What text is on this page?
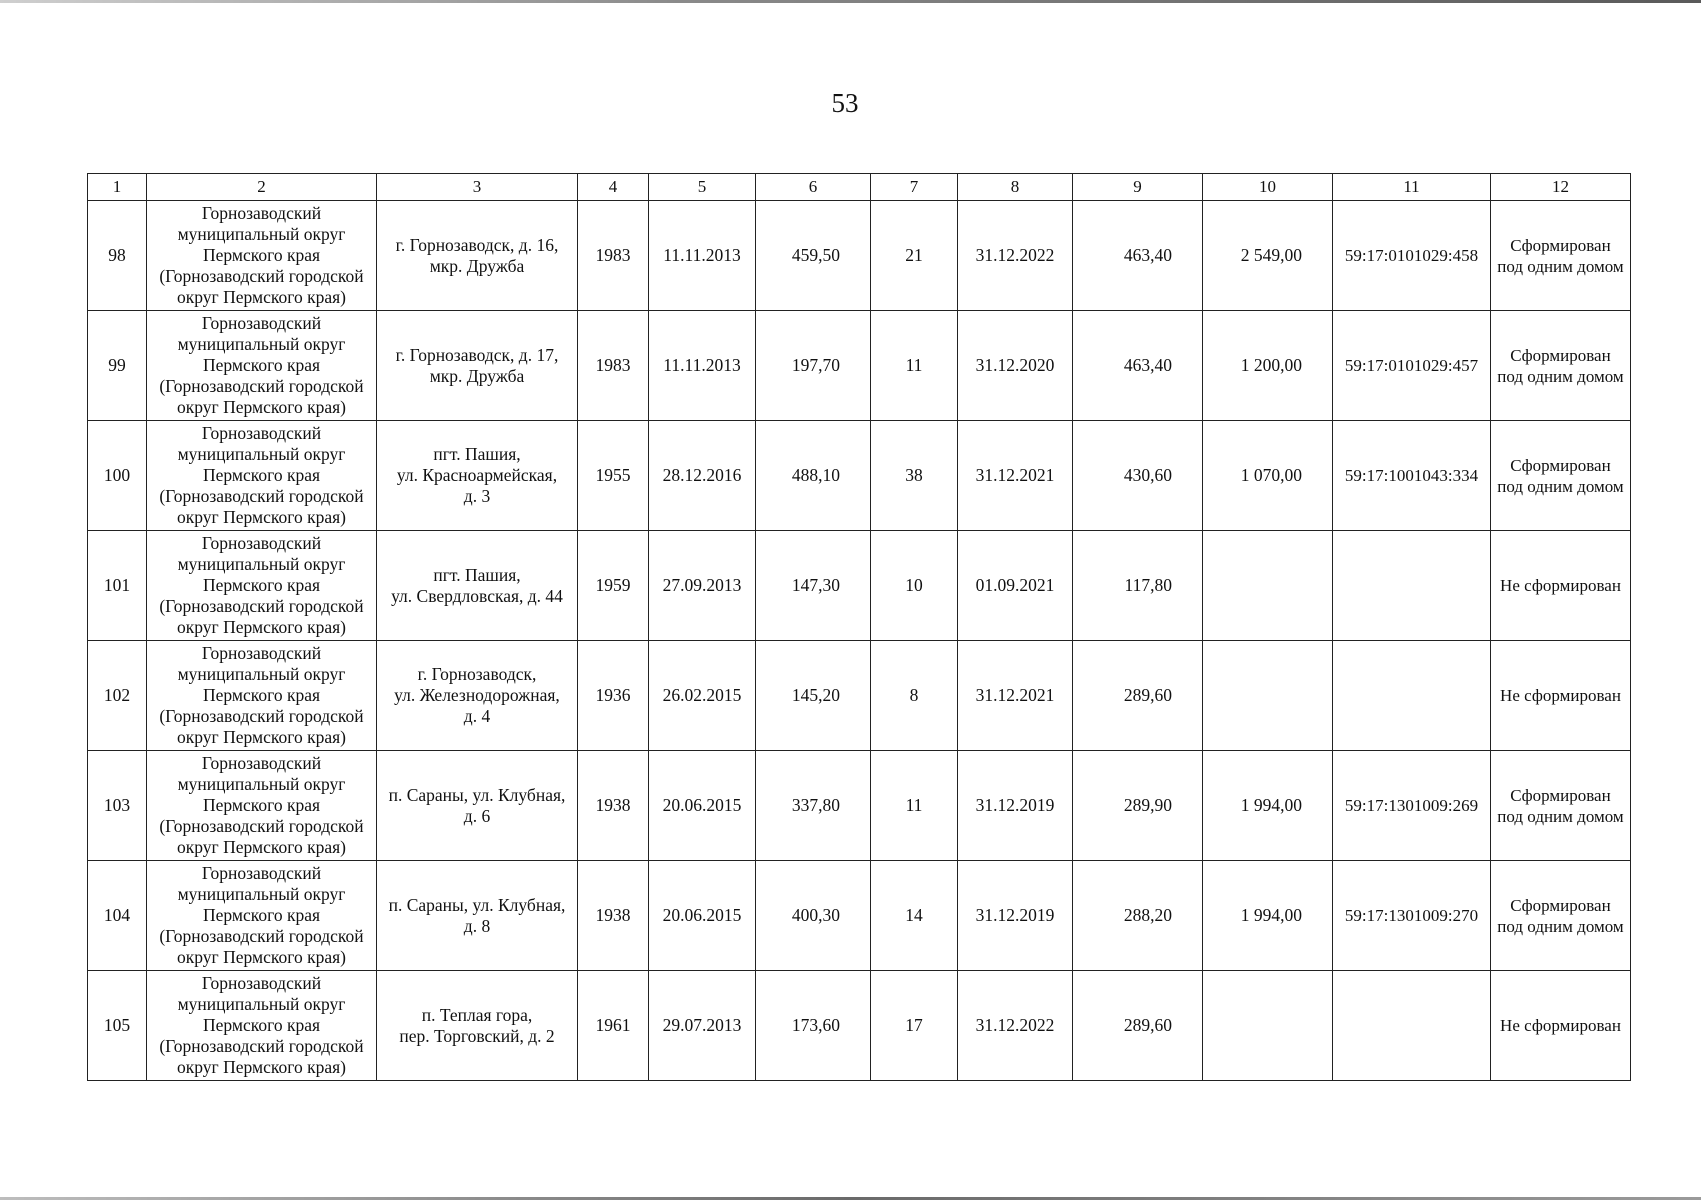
53
1	2	3	4	5	6	7	8	9	10	11	12
98	Горнозаводский
муниципальный округ
Пермского края
(Горнозаводский городской
округ Пермского края)	г. Горнозаводск, д. 16,
мкр. Дружба	1983	11.11.2013	459,50	21	31.12.2022	463,40	2 549,00	59:17:0101029:458	Сформирован
под одним домом

99	Горнозаводский
муниципальный округ
Пермского края
(Горнозаводский городской
округ Пермского края)	г. Горнозаводск, д. 17,
мкр. Дружба	1983	11.11.2013	197,70	11	31.12.2020	463,40	1 200,00	59:17:0101029:457	Сформирован
под одним домом

100	Горнозаводский
муниципальный округ
Пермского края
(Горнозаводский городской
округ Пермского края)	пгт. Пашия,
ул. Красноармейская,
д. 3	1955	28.12.2016	488,10	38	31.12.2021	430,60	1 070,00	59:17:1001043:334	Сформирован
под одним домом

101	Горнозаводский
муниципальный округ
Пермского края
(Горнозаводский городской
округ Пермского края)	пгт. Пашия,
ул. Свердловская, д. 44	1959	27.09.2013	147,30	10	01.09.2021	117,80			Не сформирован

102	Горнозаводский
муниципальный округ
Пермского края
(Горнозаводский городской
округ Пермского края)	г. Горнозаводск,
ул. Железнодорожная,
д. 4	1936	26.02.2015	145,20	8	31.12.2021	289,60			Не сформирован

103	Горнозаводский
муниципальный округ
Пермского края
(Горнозаводский городской
округ Пермского края)	п. Сараны, ул. Клубная,
д. 6	1938	20.06.2015	337,80	11	31.12.2019	289,90	1 994,00	59:17:1301009:269	Сформирован
под одним домом

104	Горнозаводский
муниципальный округ
Пермского края
(Горнозаводский городской
округ Пермского края)	п. Сараны, ул. Клубная,
д. 8	1938	20.06.2015	400,30	14	31.12.2019	288,20	1 994,00	59:17:1301009:270	Сформирован
под одним домом

105	Горнозаводский
муниципальный округ
Пермского края
(Горнозаводский городской
округ Пермского края)	п. Теплая гора,
пер. Торговский, д. 2	1961	29.07.2013	173,60	17	31.12.2022	289,60			Не сформирован
